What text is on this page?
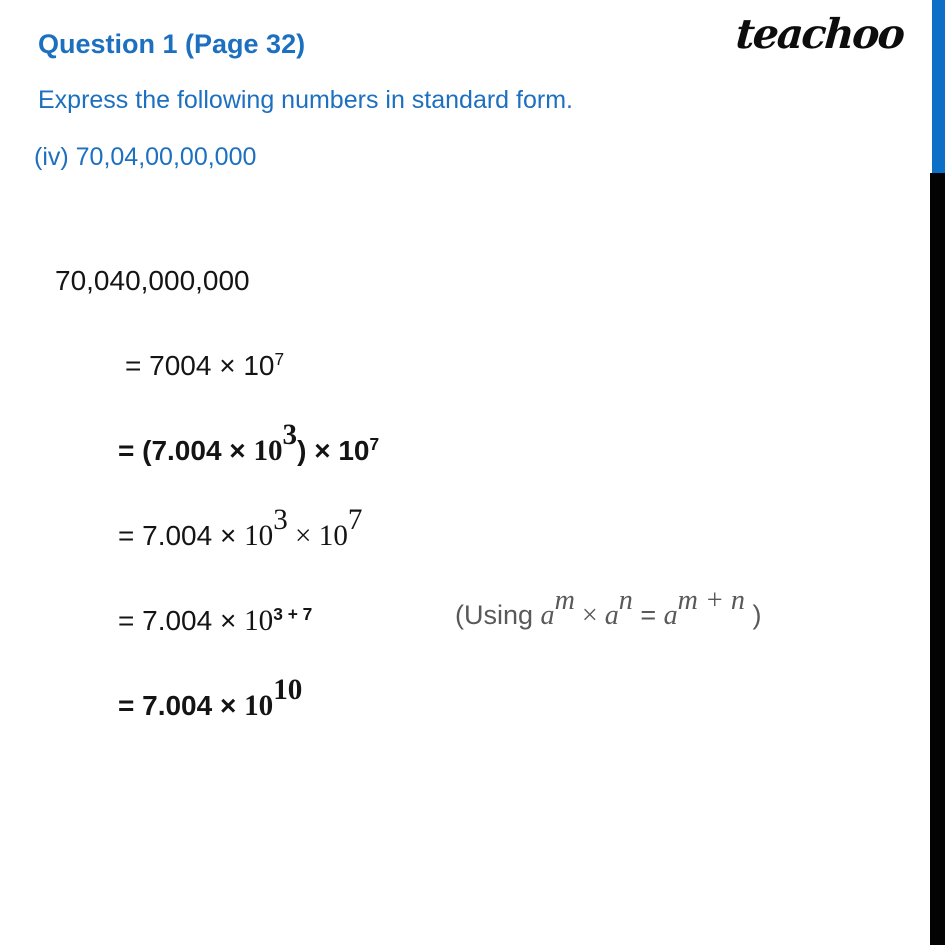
teachoo
Question 1 (Page 32)
Express the following numbers in standard form.
(iv) 70,04,00,00,000
70,040,000,000
= $7004 \times 10^7$
= $(7.004 \times 10^3) \times 10^7$
= $7.004 \times 10^3 \times 10^7$
= $7.004 \times 10^{3 + 7}$	(Using $a^m \times a^n = a^{m + n}$ )
= $7.004 \times 10^{10}$
